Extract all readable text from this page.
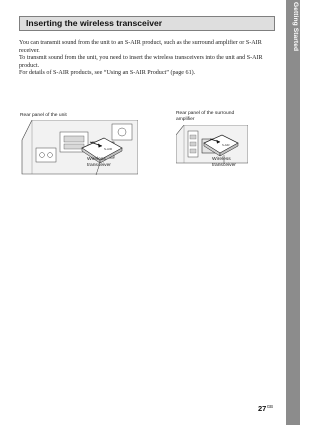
Getting Started
Inserting the wireless transceiver

You can transmit sound from the unit to an S-AIR product, such as the surround amplifier or S-AIR receiver.

To transmit sound from the unit, you need to insert the wireless transceivers into the unit and S-AIR product.

For details of S-AIR products, see “Using an S-AIR Product” (page 61).

Rear panel of the unit
S-AIR
Wireless
transceiver
Rear panel of the surround
amplifier
S-AIR
Wireless
transceiver
$27^{GB}$
